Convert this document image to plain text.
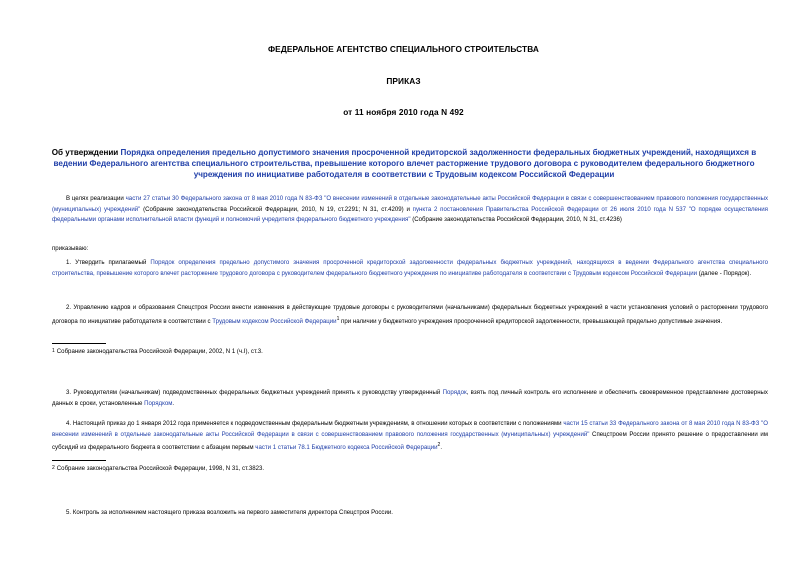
ФЕДЕРАЛЬНОЕ АГЕНТСТВО СПЕЦИАЛЬНОГО СТРОИТЕЛЬСТВА
ПРИКАЗ
от 11 ноября 2010 года N 492
Об утверждении Порядка определения предельно допустимого значения просроченной кредиторской задолженности федеральных бюджетных учреждений, находящихся в ведении Федерального агентства специального строительства, превышение которого влечет расторжение трудового договора с руководителем федерального бюджетного учреждения по инициативе работодателя в соответствии с Трудовым кодексом Российской Федерации
В целях реализации части 27 статьи 30 Федерального закона от 8 мая 2010 года N 83-ФЗ "О внесении изменений в отдельные законодательные акты Российской Федерации в связи с совершенствованием правового положения государственных (муниципальных) учреждений" (Собрание законодательства Российской Федерации, 2010, N 19, ст.2291; N 31, ст.4209) и пункта 2 постановления Правительства Российской Федерации от 26 июля 2010 года N 537 "О порядке осуществления федеральными органами исполнительной власти функций и полномочий учредителя федерального бюджетного учреждения" (Собрание законодательства Российской Федерации, 2010, N 31, ст.4236)
приказываю:
1. Утвердить прилагаемый Порядок определения предельно допустимого значения просроченной кредиторской задолженности федеральных бюджетных учреждений, находящихся в ведении Федерального агентства специального строительства, превышение которого влечет расторжение трудового договора с руководителем федерального бюджетного учреждения по инициативе работодателя в соответствии с Трудовым кодексом Российской Федерации (далее - Порядок).
2. Управлению кадров и образования Спецстроя России внести изменения в действующие трудовые договоры с руководителями (начальниками) федеральных бюджетных учреждений в части установления условий о расторжении трудового договора по инициативе работодателя в соответствии с Трудовым кодексом Российской Федерации$^1$ при наличии у бюджетного учреждения просроченной кредиторской задолженности, превышающей предельно допустимые значения.
$^1$ Собрание законодательства Российской Федерации, 2002, N 1 (ч.I), ст.3.
3. Руководителям (начальникам) подведомственных федеральных бюджетных учреждений принять к руководству утвержденный Порядок, взять под личный контроль его исполнение и обеспечить своевременное представление достоверных данных в сроки, установленные Порядком.
4. Настоящий приказ до 1 января 2012 года применяется к подведомственным федеральным бюджетным учреждениям, в отношении которых в соответствии с положениями части 15 статьи 33 Федерального закона от 8 мая 2010 года N 83-ФЗ "О внесении изменений в отдельные законодательные акты Российской Федерации в связи с совершенствованием правового положения государственных (муниципальных) учреждений" Спецстроем России принято решение о предоставлении им субсидий из федерального бюджета в соответствии с абзацем первым части 1 статьи 78.1 Бюджетного кодекса Российской Федерации$^2$.
$^2$ Собрание законодательства Российской Федерации, 1998, N 31, ст.3823.
5. Контроль за исполнением настоящего приказа возложить на первого заместителя директора Спецстроя России.
